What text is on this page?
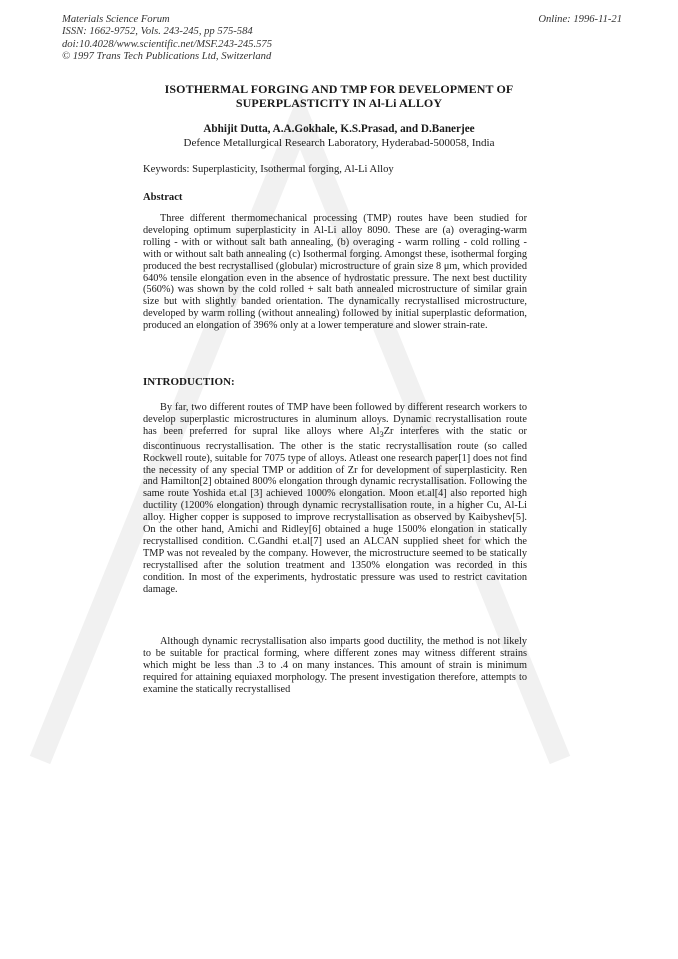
Materials Science Forum
ISSN: 1662-9752, Vols. 243-245, pp 575-584
doi:10.4028/www.scientific.net/MSF.243-245.575
© 1997 Trans Tech Publications Ltd, Switzerland
Online: 1996-11-21
ISOTHERMAL FORGING AND TMP FOR DEVELOPMENT OF
SUPERPLASTICITY IN Al-Li ALLOY
Abhijit Dutta, A.A.Gokhale, K.S.Prasad, and D.Banerjee
Defence Metallurgical Research Laboratory, Hyderabad-500058, India
Keywords: Superplasticity, Isothermal forging, Al-Li Alloy
Abstract

Three different thermomechanical processing (TMP) routes have been studied for developing optimum superplasticity in Al-Li alloy 8090. These are (a) overaging-warm rolling - with or without salt bath annealing, (b) overaging - warm rolling - cold rolling - with or without salt bath annealing (c) Isothermal forging. Amongst these, isothermal forging produced the best recrystallised (globular) microstructure of grain size 8 μm, which provided 640% tensile elongation even in the absence of hydrostatic pressure. The next best ductility (560%) was shown by the cold rolled + salt bath annealed microstructure of similar grain size but with slightly banded orientation. The dynamically recrystallised microstructure, developed by warm rolling (without annealing) followed by initial superplastic deformation, produced an elongation of 396% only at a lower temperature and slower strain-rate.

INTRODUCTION:

By far, two different routes of TMP have been followed by different research workers to develop superplastic microstructures in aluminum alloys. Dynamic recrystallisation route has been preferred for supral like alloys where $Al_3Zr$ interferes with the static or discontinuous recrystallisation. The other is the static recrystallisation route (so called Rockwell route), suitable for 7075 type of alloys. Atleast one research paper[1] does not find the necessity of any special TMP or addition of Zr for development of superplasticity. Ren and Hamilton[2] obtained 800% elongation through dynamic recrystallisation. Following the same route Yoshida et.al [3] achieved 1000% elongation. Moon et.al[4] also reported high ductility (1200% elongation) through dynamic recrystallisation route, in a higher Cu, Al-Li alloy. Higher copper is supposed to improve recrystallisation as observed by Kaibyshev[5]. On the other hand, Amichi and Ridley[6] obtained a huge 1500% elongation in statically recrystallised condition. C.Gandhi et.al[7] used an ALCAN supplied sheet for which the TMP was not revealed by the company. However, the microstructure seemed to be statically recrystallised after the solution treatment and 1350% elongation was recorded in this condition. In most of the experiments, hydrostatic pressure was used to restrict cavitation damage.

Although dynamic recrystallisation also imparts good ductility, the method is not likely to be suitable for practical forming, where different zones may witness different strains which might be less than .3 to .4 on many instances. This amount of strain is minimum required for attaining equiaxed morphology. The present investigation therefore, attempts to examine the statically recrystallised
